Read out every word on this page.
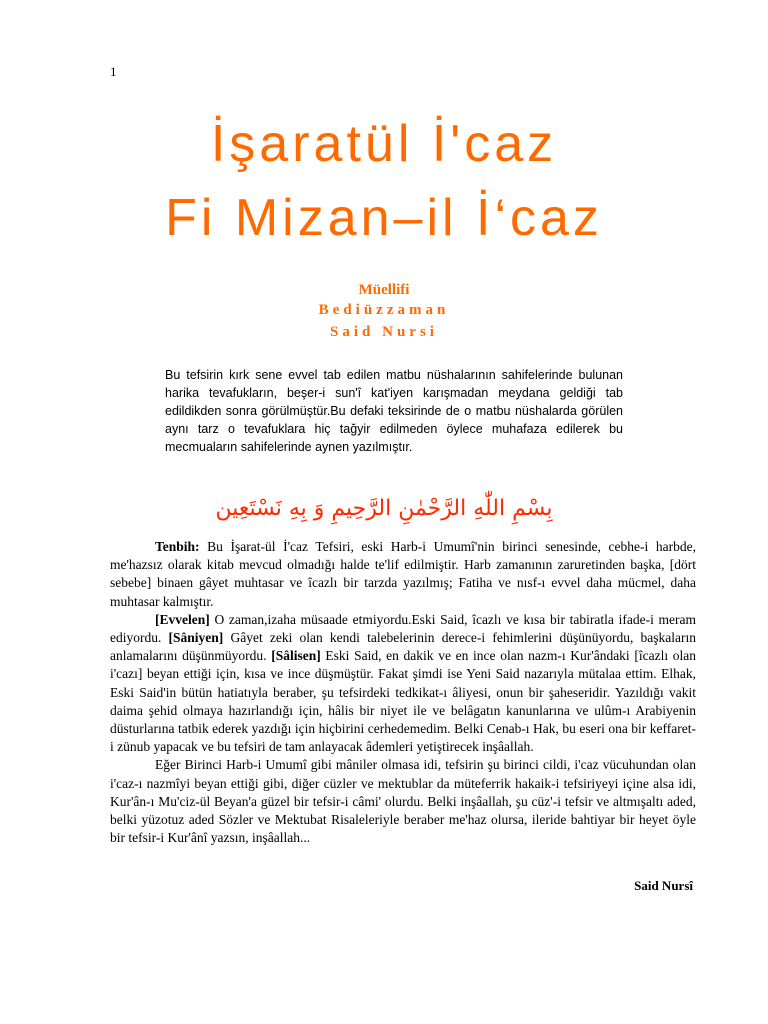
1
İşaratül İ'caz
Fi Mizan–il İ‘caz
Müellifi
Bediüzzaman
Said Nursi

Bu tefsirin kırk sene evvel tab edilen matbu nüshalarının sahifelerinde bulunan harika tevafukların, beşer-i sun'î kat'iyen karışmadan meydana geldiği tab edildikden sonra görülmüştür.Bu defaki teksirinde de o matbu nüshalarda görülen aynı tarz o tevafuklara hiç tağyir edilmeden öylece muhafaza edilerek bu mecmuaların sahifelerinde aynen yazılmıştır.

بِسْمِ اللّٰهِ الرَّحْمٰنِ الرَّحِيمِ وَ بِهِ نَسْتَعِين

Tenbih: Bu İşarat-ül İ'caz Tefsiri, eski Harb-i Umumî'nin birinci senesinde, cebhe-i harbde, me'hazsız olarak kitab mevcud olmadığı halde te'lif edilmiştir. Harb zamanının zaruretinden başka, [dört sebebe] binaen gâyet muhtasar ve îcazlı bir tarzda yazılmış; Fatiha ve nısf-ı evvel daha mücmel, daha muhtasar kalmıştır.

[Evvelen] O zaman,izaha müsaade etmiyordu.Eski Said, îcazlı ve kısa bir tabiratla ifade-i meram ediyordu. [Sâniyen] Gâyet zeki olan kendi talebelerinin derece-i fehimlerini düşünüyordu, başkaların anlamalarını düşünmüyordu. [Sâlisen] Eski Said, en dakik ve en ince olan nazm-ı Kur'ândaki [îcazlı olan i'cazı] beyan ettiği için, kısa ve ince düşmüştür. Fakat şimdi ise Yeni Said nazarıyla mütalaa ettim. Elhak, Eski Said'in bütün hatiatıyla beraber, şu tefsirdeki tedkikat-ı âliyesi, onun bir şaheseridir. Yazıldığı vakit daima şehid olmaya hazırlandığı için, hâlis bir niyet ile ve belâgatın kanunlarına ve ulûm-ı Arabiyenin düsturlarına tatbik ederek yazdığı için hiçbirini cerhedemedim. Belki Cenab-ı Hak, bu eseri ona bir keffaret-i zünub yapacak ve bu tefsiri de tam anlayacak âdemleri yetiştirecek inşâallah.

Eğer Birinci Harb-i Umumî gibi mâniler olmasa idi, tefsirin şu birinci cildi, i'caz vücuhundan olan i'caz-ı nazmîyi beyan ettiği gibi, diğer cüzler ve mektublar da müteferrik hakaik-i tefsiriyeyi içine alsa idi, Kur'ân-ı Mu'ciz-ül Beyan'a güzel bir tefsir-i câmi' olurdu. Belki inşâallah, şu cüz'-i tefsir ve altmışaltı aded, belki yüzotuz aded Sözler ve Mektubat Risaleleriyle beraber me'haz olursa, ileride bahtiyar bir heyet öyle bir tefsir-i Kur'ânî yazsın, inşâallah...

Said Nursî
